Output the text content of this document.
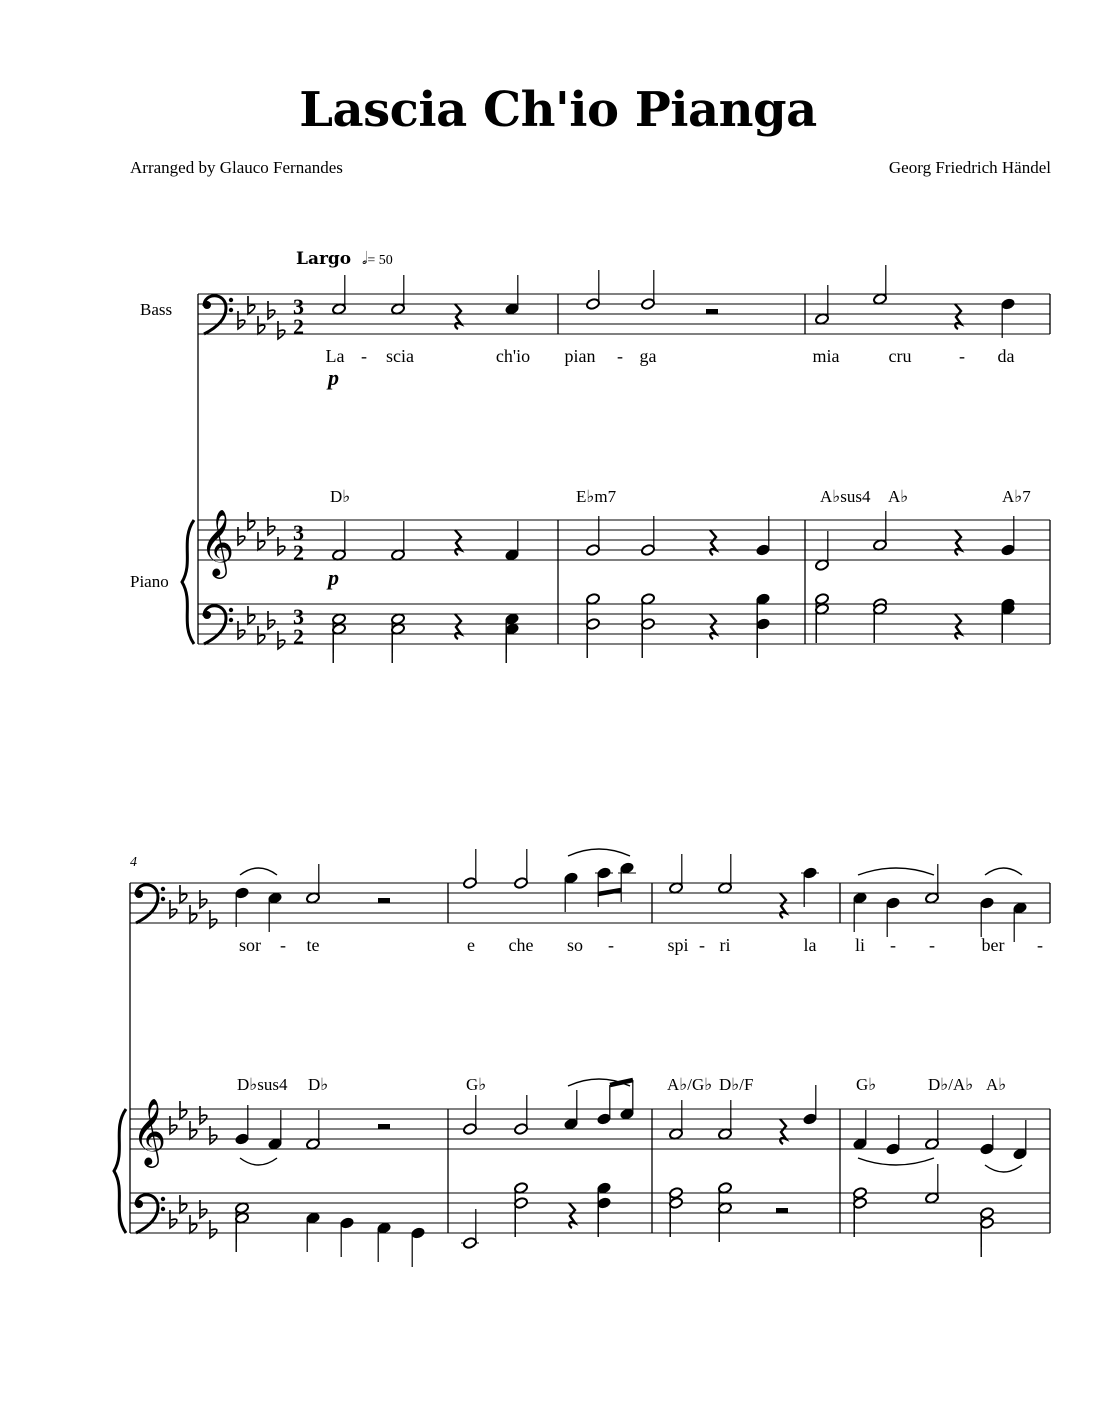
Lascia Ch'io Pianga
Arranged by Glauco Fernandes	Georg Friedrich Händel
Largo  𝅗𝅥= 50
Bass
Piano
4
p
p
𝄞
3
2
3
2
3
2
La - scia	ch'io pian - ga	mia	cru	- da
D♭	E♭m7	A♭sus4 A♭	A♭7
𝄞
sor - te	e che so -	spi - ri	la li - -	ber -
D♭sus4 D♭	G♭	A♭/G♭ D♭/F	G♭	D♭/A♭ A♭
